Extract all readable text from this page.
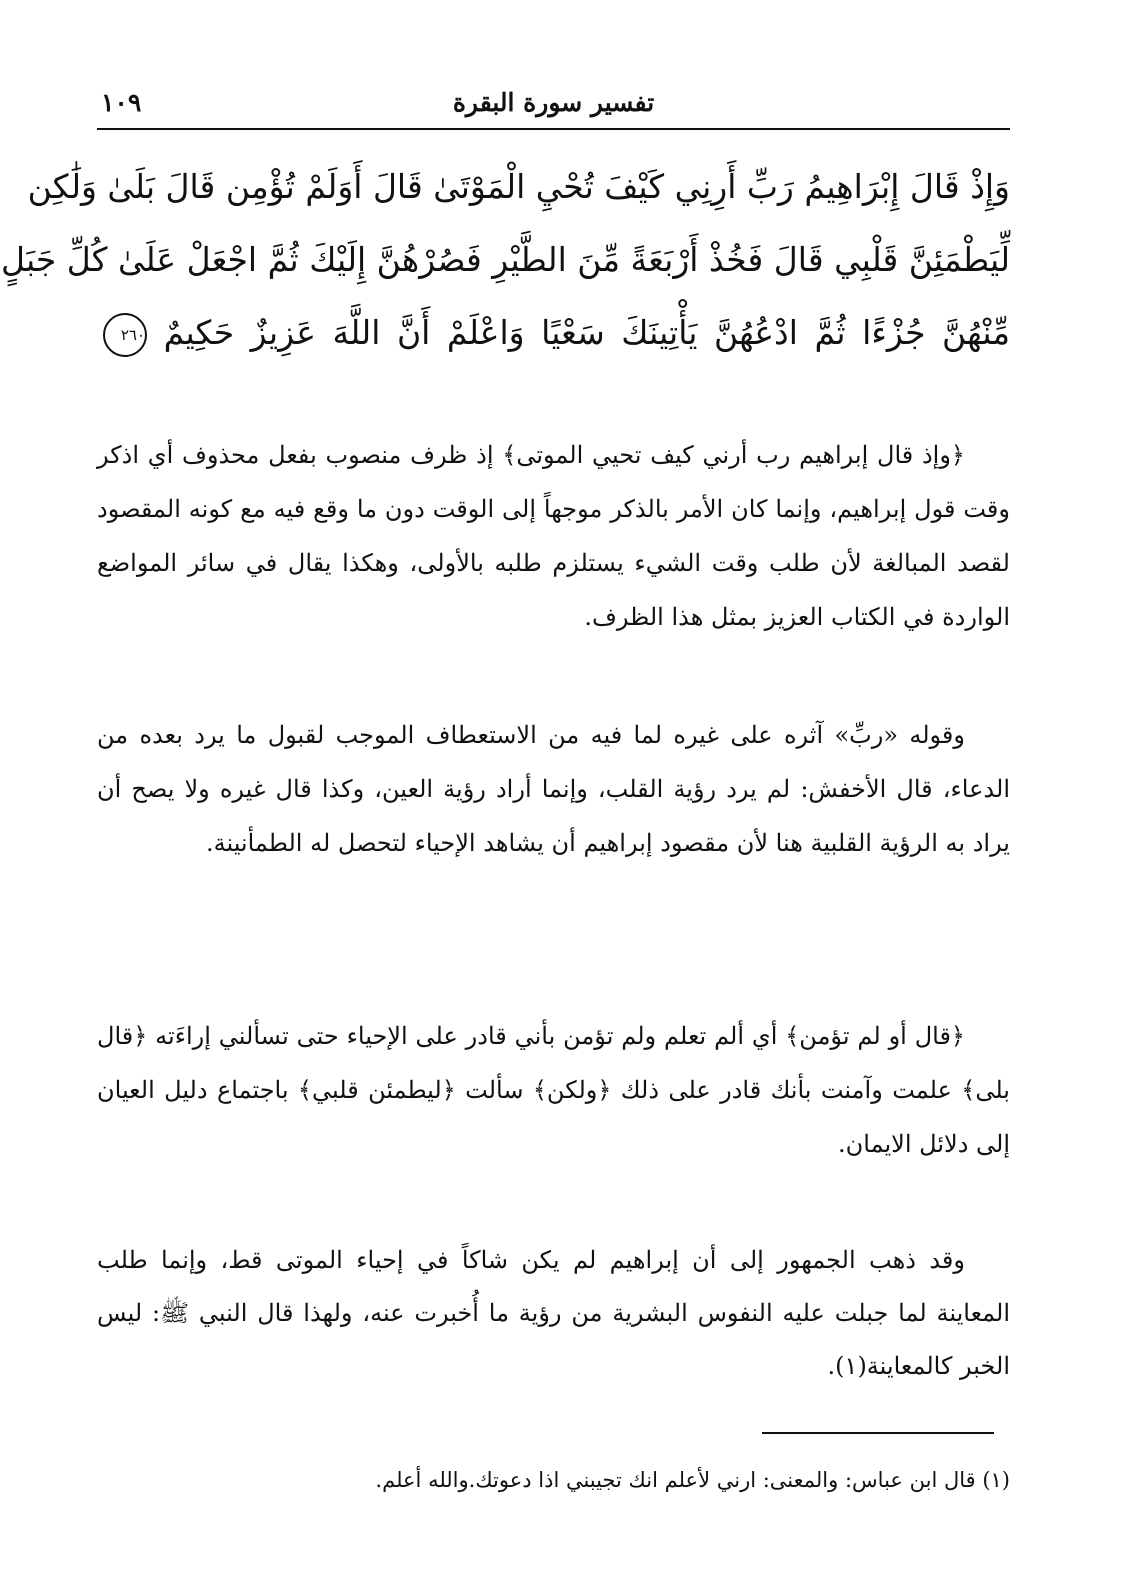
تفسير سورة البقرة
١٠٩
وَإِذْ قَالَ إِبْرَاهِيمُ رَبِّ أَرِنِي كَيْفَ تُحْيِ الْمَوْتَىٰ قَالَ أَوَلَمْ تُؤْمِن قَالَ بَلَىٰ وَلَٰكِن
لِّيَطْمَئِنَّ قَلْبِي قَالَ فَخُذْ أَرْبَعَةً مِّنَ الطَّيْرِ فَصُرْهُنَّ إِلَيْكَ ثُمَّ اجْعَلْ عَلَىٰ كُلِّ جَبَلٍ
مِّنْهُنَّ جُزْءًا ثُمَّ ادْعُهُنَّ يَأْتِينَكَ سَعْيًا وَاعْلَمْ أَنَّ اللَّهَ عَزِيزٌ حَكِيمٌ ٢٦٠

﴿وإذ قال إبراهيم رب أرني كيف تحيي الموتى﴾ إذ ظرف منصوب بفعل محذوف أي اذكر وقت قول إبراهيم، وإنما كان الأمر بالذكر موجهاً إلى الوقت دون ما وقع فيه مع كونه المقصود لقصد المبالغة لأن طلب وقت الشيء يستلزم طلبه بالأولى، وهكذا يقال في سائر المواضع الواردة في الكتاب العزيز بمثل هذا الظرف.

وقوله «ربِّ» آثره على غيره لما فيه من الاستعطاف الموجب لقبول ما يرد بعده من الدعاء، قال الأخفش: لم يرد رؤية القلب، وإنما أراد رؤية العين، وكذا قال غيره ولا يصح أن يراد به الرؤية القلبية هنا لأن مقصود إبراهيم أن يشاهد الإحياء لتحصل له الطمأنينة.

﴿قال أو لم تؤمن﴾ أي ألم تعلم ولم تؤمن بأني قادر على الإحياء حتى تسألني إراءَته ﴿قال بلى﴾ علمت وآمنت بأنك قادر على ذلك ﴿ولكن﴾ سألت ﴿ليطمئن قلبي﴾ باجتماع دليل العيان إلى دلائل الايمان.

وقد ذهب الجمهور إلى أن إبراهيم لم يكن شاكاً في إحياء الموتى قط، وإنما طلب المعاينة لما جبلت عليه النفوس البشرية من رؤية ما أُخبرت عنه، ولهذا قال النبي ﷺ: ليس الخبر كالمعاينة(١).

(١) قال ابن عباس: والمعنى: ارني لأعلم انك تجيبني اذا دعوتك.والله أعلم.
